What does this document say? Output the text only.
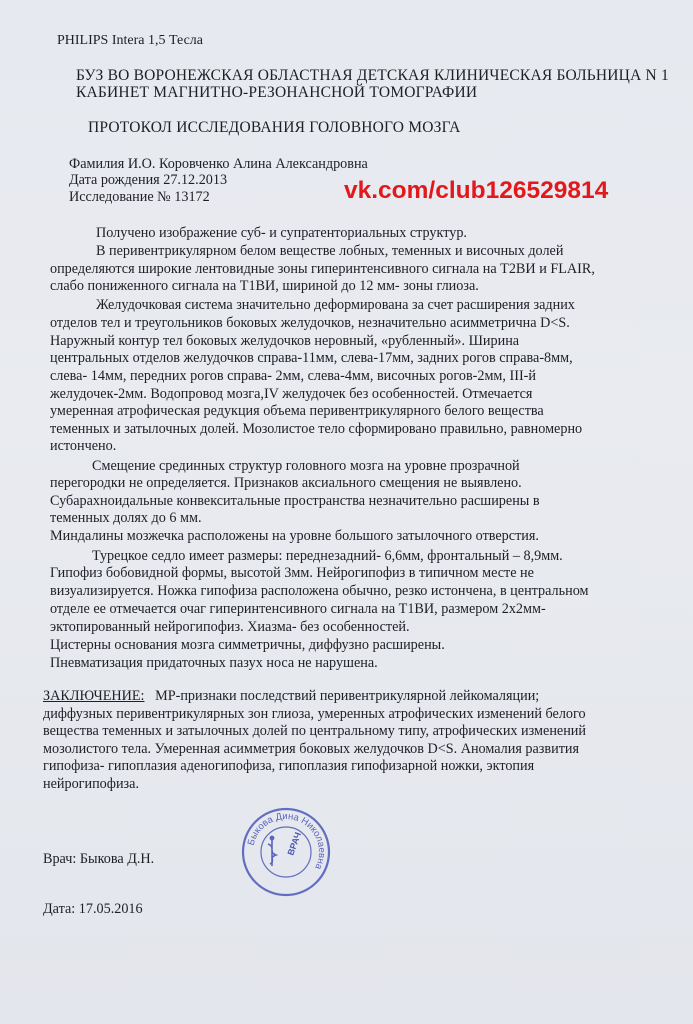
PHILIPS Intera 1,5 Тесла
БУЗ ВО ВОРОНЕЖСКАЯ ОБЛАСТНАЯ ДЕТСКАЯ КЛИНИЧЕСКАЯ БОЛЬНИЦА N 1
КАБИНЕТ МАГНИТНО-РЕЗОНАНСНОЙ ТОМОГРАФИИ
ПРОТОКОЛ ИССЛЕДОВАНИЯ ГОЛОВНОГО МОЗГА
Фамилия И.О. Коровченко Алина Александровна
Дата рождения 27.12.2013
Исследование № 13172	vk.com/club126529814
Получено изображение суб- и супратенториальных структур.
В перивентрикулярном белом веществе лобных, теменных и височных долей
определяются широкие лентовидные зоны гиперинтенсивного сигнала на T2ВИ и FLAIR,
слабо пониженного сигнала на T1ВИ, шириной до 12 мм- зоны глиоза.
Желудочковая система значительно деформирована за счет расширения задних
отделов тел и треугольников боковых желудочков, незначительно асимметрична D<S.
Наружный контур тел боковых желудочков неровный, «рубленный». Ширина
центральных отделов желудочков справа-11мм, слева-17мм, задних рогов справа-8мм,
слева- 14мм, передних рогов справа- 2мм, слева-4мм, височных рогов-2мм, III-й
желудочек-2мм. Водопровод мозга,IV желудочек без особенностей. Отмечается
умеренная атрофическая редукция объема перивентрикулярного белого вещества
теменных и затылочных долей. Мозолистое тело сформировано правильно, равномерно
истончено.
Смещение срединных структур головного мозга на уровне прозрачной
перегородки не определяется. Признаков аксиального смещения не выявлено.
Субарахноидальные конвекситальные пространства незначительно расширены в
теменных долях до 6 мм.
Миндалины мозжечка расположены на уровне большого затылочного отверстия.
Турецкое седло имеет размеры: переднезадний- 6,6мм, фронтальный – 8,9мм.
Гипофиз бобовидной формы, высотой 3мм. Нейрогипофиз в типичном месте не
визуализируется. Ножка гипофиза расположена обычно, резко истончена, в центральном
отделе ее отмечается очаг гиперинтенсивного сигнала на T1ВИ, размером 2х2мм-
эктопированный нейрогипофиз. Хиазма- без особенностей.
Цистерны основания мозга симметричны, диффузно расширены.
Пневматизация придаточных пазух носа не нарушена.
ЗАКЛЮЧЕНИЕ: МР-признаки последствий перивентрикулярной лейкомаляции;
диффузных перивентрикулярных зон глиоза, умеренных атрофических изменений белого
вещества теменных и затылочных долей по центральному типу, атрофических изменений
мозолистого тела. Умеренная асимметрия боковых желудочков D<S. Аномалия развития
гипофиза- гипоплазия аденогипофиза, гипоплазия гипофизарной ножки, эктопия
нейрогипофиза.
Врач: Быкова Д.Н.
Быкова Дина Николаевна
ВРАЧ
Дата: 17.05.2016
